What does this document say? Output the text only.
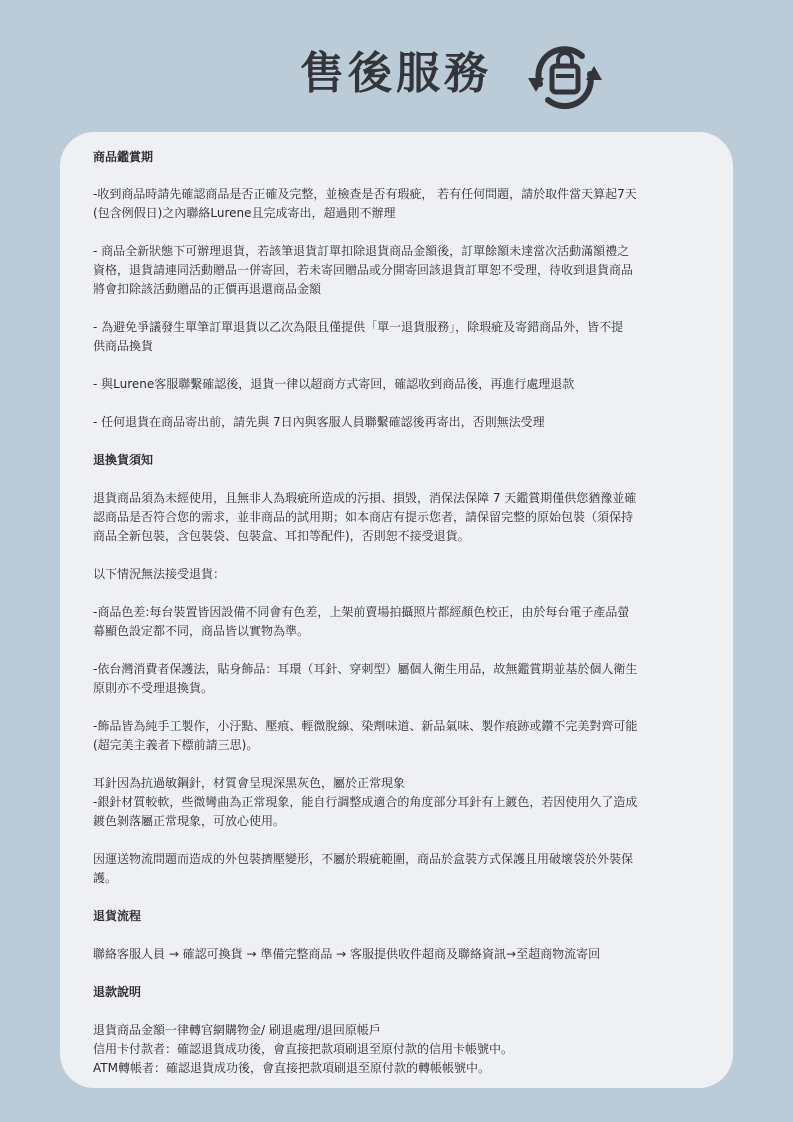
售後服務

商品鑑賞期

-收到商品時請先確認商品是否正確及完整，並檢查是否有瑕疵， 若有任何問題，請於取件當天算起7天
(包含例假日)之內聯絡Lurene且完成寄出，超過則不辦理

- 商品全新狀態下可辦理退貨，若該筆退貨訂單扣除退貨商品金額後，訂單餘額未達當次活動滿額禮之
資格，退貨請連同活動贈品一併寄回，若未寄回贈品或分開寄回該退貨訂單恕不受理，待收到退貨商品
將會扣除該活動贈品的正價再退還商品金額

- 為避免爭議發生單筆訂單退貨以乙次為限且僅提供「單一退貨服務」，除瑕疵及寄錯商品外，皆不提
供商品換貨

- 與Lurene客服聯繫確認後，退貨一律以超商方式寄回，確認收到商品後，再進行處理退款

- 任何退貨在商品寄出前，請先與 7日內與客服人員聯繫確認後再寄出，否則無法受理

退換貨須知

退貨商品須為未經使用，且無非人為瑕疵所造成的污損、損毀，消保法保障 7 天鑑賞期僅供您猶豫並確
認商品是否符合您的需求，並非商品的試用期；如本商店有提示您者，請保留完整的原始包裝（須保持
商品全新包裝，含包裝袋、包裝盒、耳扣等配件)，否則恕不接受退貨。

以下情況無法接受退貨：

-商品色差:每台裝置皆因設備不同會有色差，上架前賣場拍攝照片都經顏色校正，由於每台電子產品螢
幕顯色設定都不同，商品皆以實物為準。

-依台灣消費者保護法，貼身飾品：耳環（耳針、穿刺型）屬個人衛生用品，故無鑑賞期並基於個人衛生
原則亦不受理退換貨。

-飾品皆為純手工製作，小汙點、壓痕、輕微脫線、染劑味道、新品氣味、製作痕跡或鑽不完美對齊可能
(超完美主義者下標前請三思)。

耳針因為抗過敏鋼針，材質會呈現深黑灰色，屬於正常現象
-銀針材質較軟，些微彎曲為正常現象，能自行調整成適合的角度部分耳針有上鍍色，若因使用久了造成
鍍色剝落屬正常現象，可放心使用。

因運送物流問題而造成的外包裝擠壓變形，不屬於瑕疵範圍，商品於盒裝方式保護且用破壞袋於外裝保
護。

退貨流程

聯絡客服人員 → 確認可換貨 → 準備完整商品 → 客服提供收件超商及聯絡資訊→至超商物流寄回

退款說明

退貨商品金額一律轉官網購物金/ 刷退處理/退回原帳戶
信用卡付款者：確認退貨成功後，會直接把款項刷退至原付款的信用卡帳號中。
ATM轉帳者：確認退貨成功後，會直接把款項刷退至原付款的轉帳帳號中。
